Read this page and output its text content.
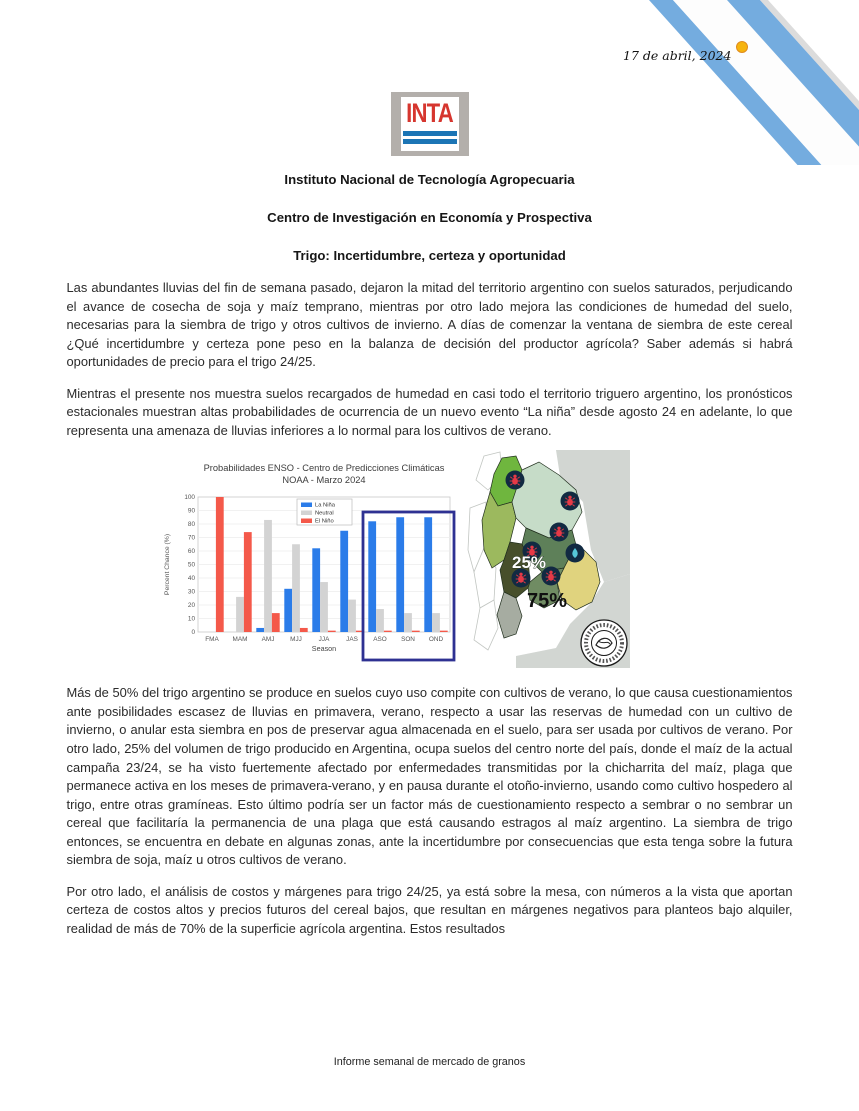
17 de abril, 2024
INTA

Instituto Nacional de Tecnología Agropecuaria

Centro de Investigación en Economía y Prospectiva

Trigo: Incertidumbre, certeza y oportunidad

Las abundantes lluvias del fin de semana pasado, dejaron la mitad del territorio argentino con suelos saturados, perjudicando el avance de cosecha de soja y maíz temprano, mientras por otro lado mejora las condiciones de humedad del suelo, necesarias para la siembra de trigo y otros cultivos de invierno. A días de comenzar la ventana de siembra de este cereal ¿Qué incertidumbre y certeza pone peso en la balanza de decisión del productor agrícola? Saber además si habrá oportunidades de precio para el trigo 24/25.

Mientras el presente nos muestra suelos recargados de humedad en casi todo el territorio triguero argentino, los pronósticos estacionales muestran altas probabilidades de ocurrencia de un nuevo evento “La niña” desde agosto 24 en adelante, lo que representa una amenaza de lluvias inferiores a lo normal para los cultivos de verano.

Probabilidades ENSO - Centro de Predicciones Climáticas
NOAA - Marzo 2024
0
10
20
30
40
50
60
70
80
90
100
Percent Chance (%)
FMA MAM AMJ MJJ	JJA	JAS ASO SON OND
Season
La Niña
Neutral
El Niño
25%
75%

Más de 50% del trigo argentino se produce en suelos cuyo uso compite con cultivos de verano, lo que causa cuestionamientos ante posibilidades escasez de lluvias en primavera, verano, respecto a usar las reservas de humedad con un cultivo de invierno, o anular esta siembra en pos de preservar agua almacenada en el suelo, para ser usada por cultivos de verano. Por otro lado, 25% del volumen de trigo producido en Argentina, ocupa suelos del centro norte del país, donde el maíz de la actual campaña 23/24, se ha visto fuertemente afectado por enfermedades transmitidas por la chicharrita del maíz, plaga que permanece activa en los meses de primavera-verano, y en pausa durante el otoño-invierno, usando como cultivo hospedero al trigo, entre otras gramíneas. Esto último podría ser un factor más de cuestionamiento respecto a sembrar o no sembrar un cereal que facilitaría la permanencia de una plaga que está causando estragos al maíz argentino. La siembra de trigo entonces, se encuentra en debate en algunas zonas, ante la incertidumbre por consecuencias que esta tenga sobre la futura siembra de soja, maíz u otros cultivos de verano.

Por otro lado, el análisis de costos y márgenes para trigo 24/25, ya está sobre la mesa, con números a la vista que aportan certeza de costos altos y precios futuros del cereal bajos, que resultan en márgenes negativos para planteos bajo alquiler, realidad de más de 70% de la superficie agrícola argentina. Estos resultados

Informe semanal de mercado de granos
